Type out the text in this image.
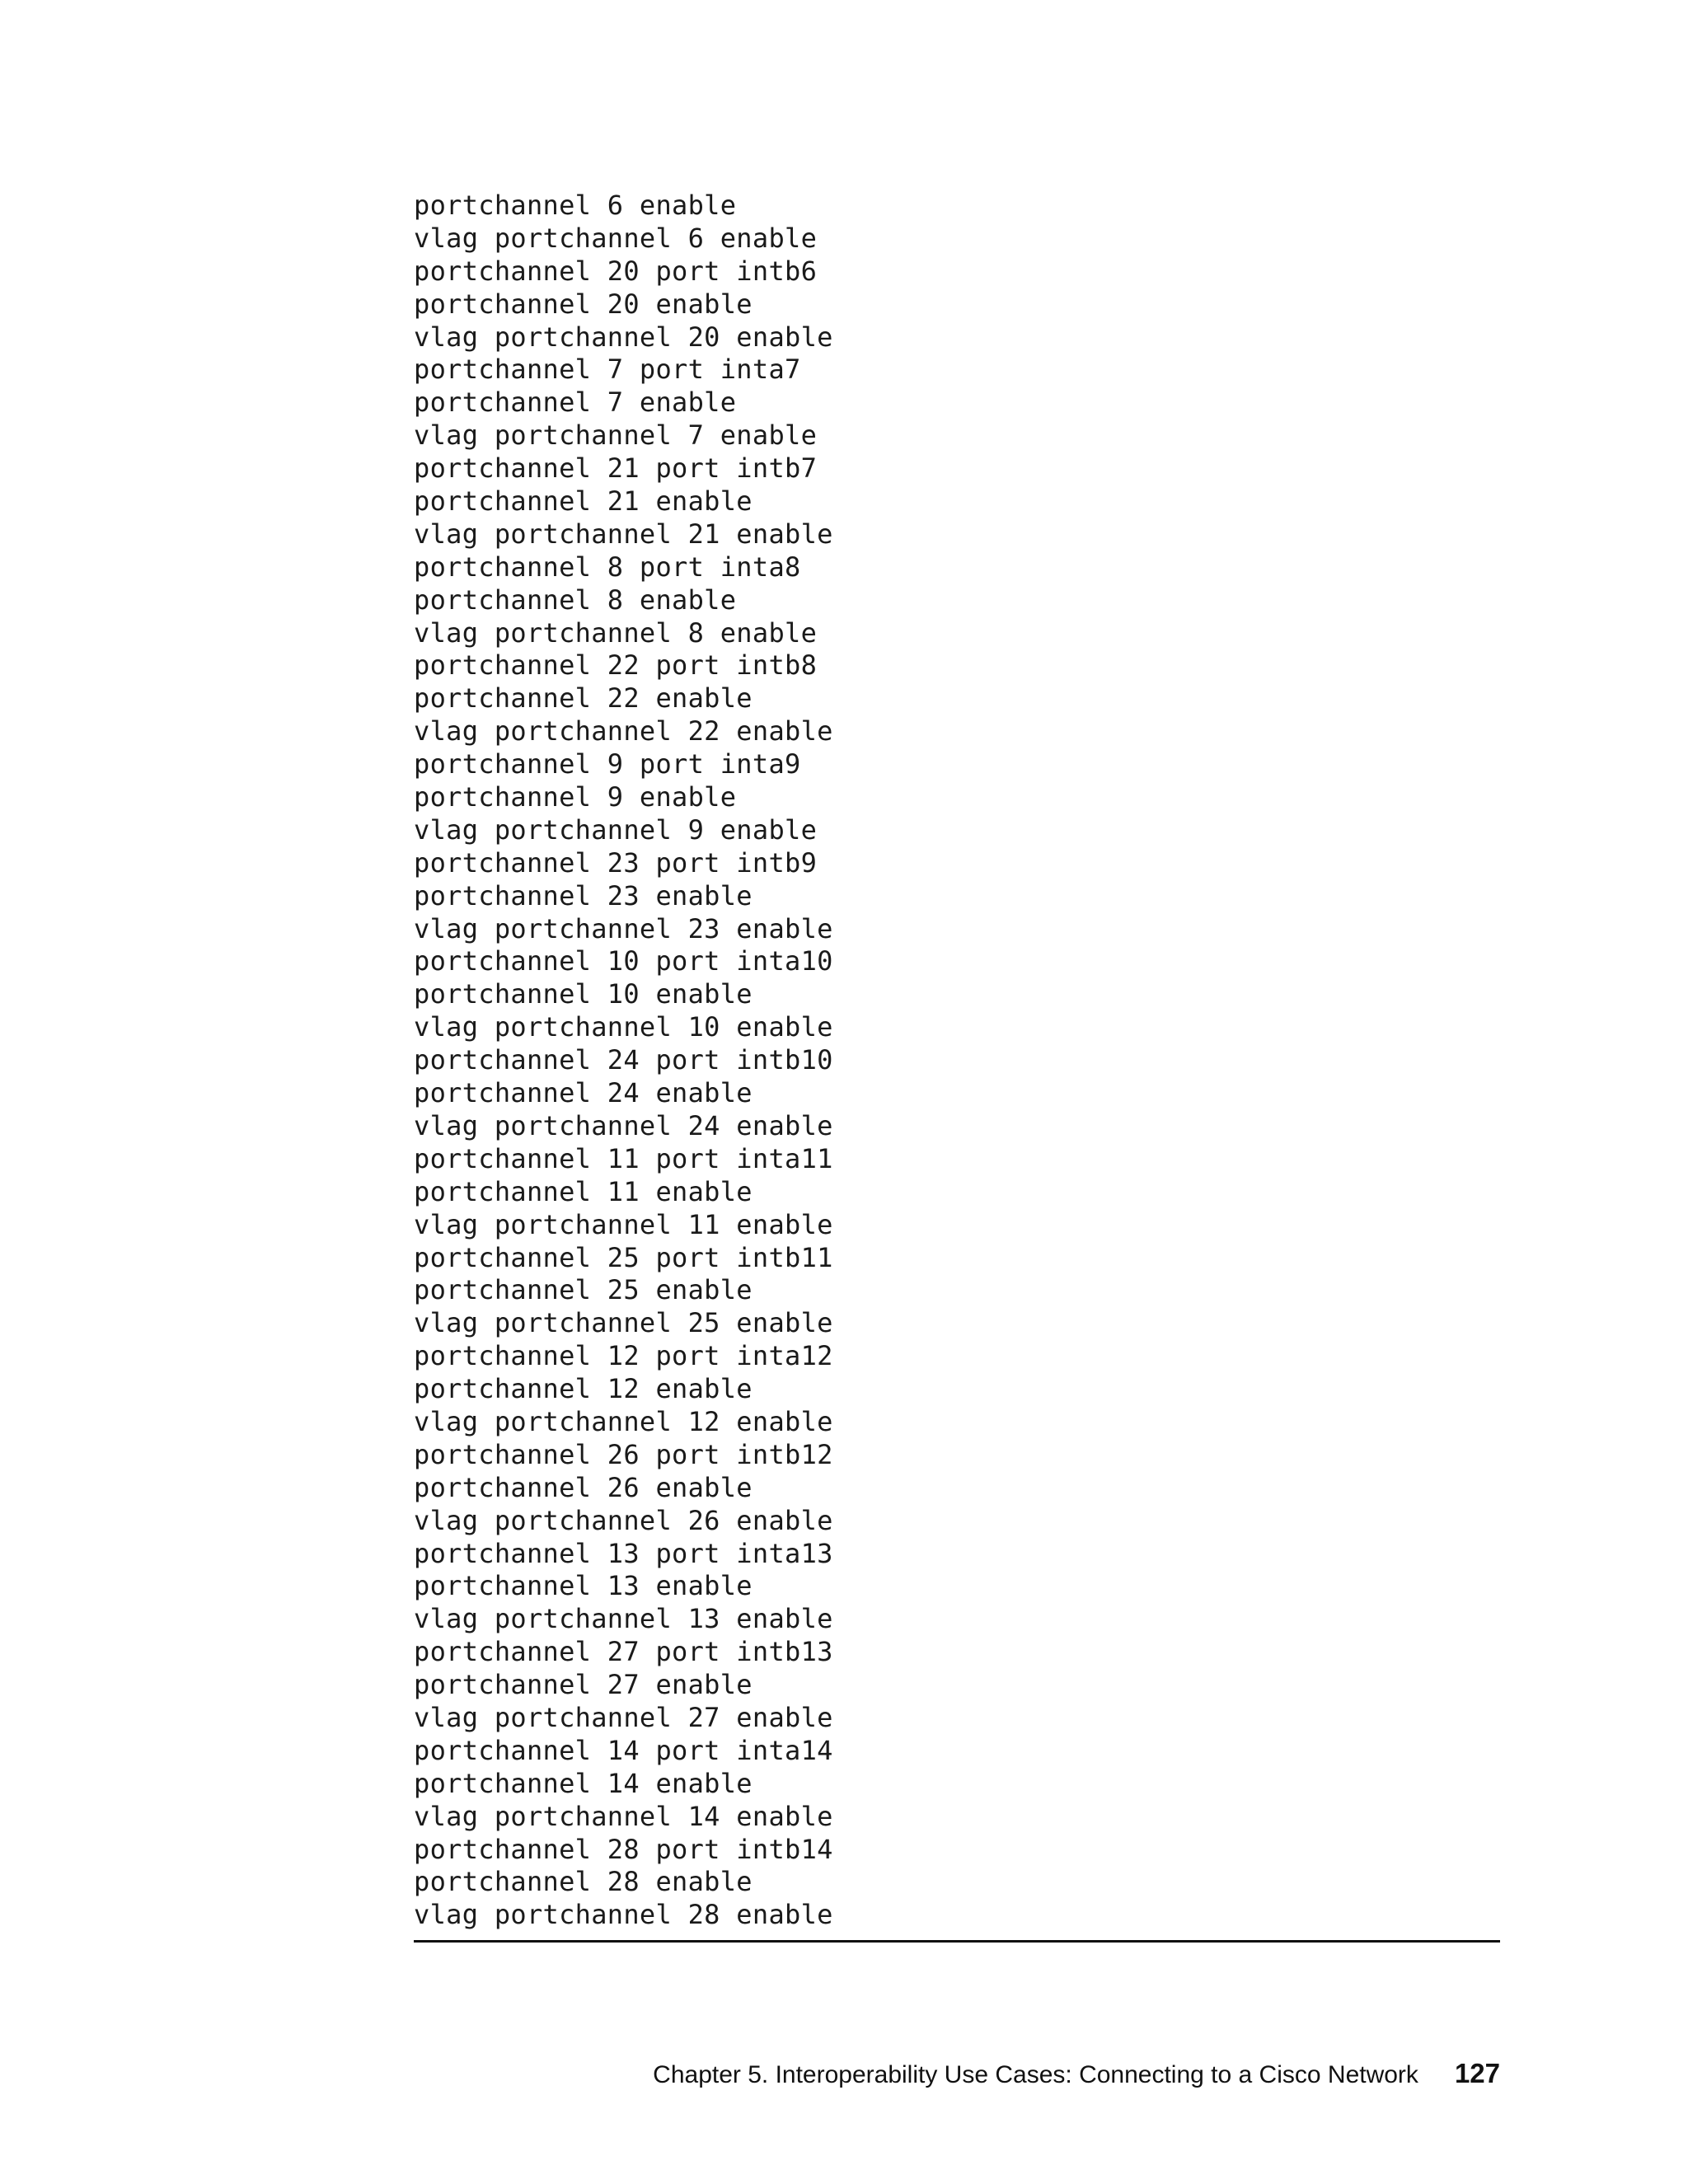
portchannel 6 enable
vlag portchannel 6 enable
portchannel 20 port intb6
portchannel 20 enable
vlag portchannel 20 enable
portchannel 7 port inta7
portchannel 7 enable
vlag portchannel 7 enable
portchannel 21 port intb7
portchannel 21 enable
vlag portchannel 21 enable
portchannel 8 port inta8
portchannel 8 enable
vlag portchannel 8 enable
portchannel 22 port intb8
portchannel 22 enable
vlag portchannel 22 enable
portchannel 9 port inta9
portchannel 9 enable
vlag portchannel 9 enable
portchannel 23 port intb9
portchannel 23 enable
vlag portchannel 23 enable
portchannel 10 port inta10
portchannel 10 enable
vlag portchannel 10 enable
portchannel 24 port intb10
portchannel 24 enable
vlag portchannel 24 enable
portchannel 11 port inta11
portchannel 11 enable
vlag portchannel 11 enable
portchannel 25 port intb11
portchannel 25 enable
vlag portchannel 25 enable
portchannel 12 port inta12
portchannel 12 enable
vlag portchannel 12 enable
portchannel 26 port intb12
portchannel 26 enable
vlag portchannel 26 enable
portchannel 13 port inta13
portchannel 13 enable
vlag portchannel 13 enable
portchannel 27 port intb13
portchannel 27 enable
vlag portchannel 27 enable
portchannel 14 port inta14
portchannel 14 enable
vlag portchannel 14 enable
portchannel 28 port intb14
portchannel 28 enable
vlag portchannel 28 enable
Chapter 5. Interoperability Use Cases: Connecting to a Cisco Network 127
